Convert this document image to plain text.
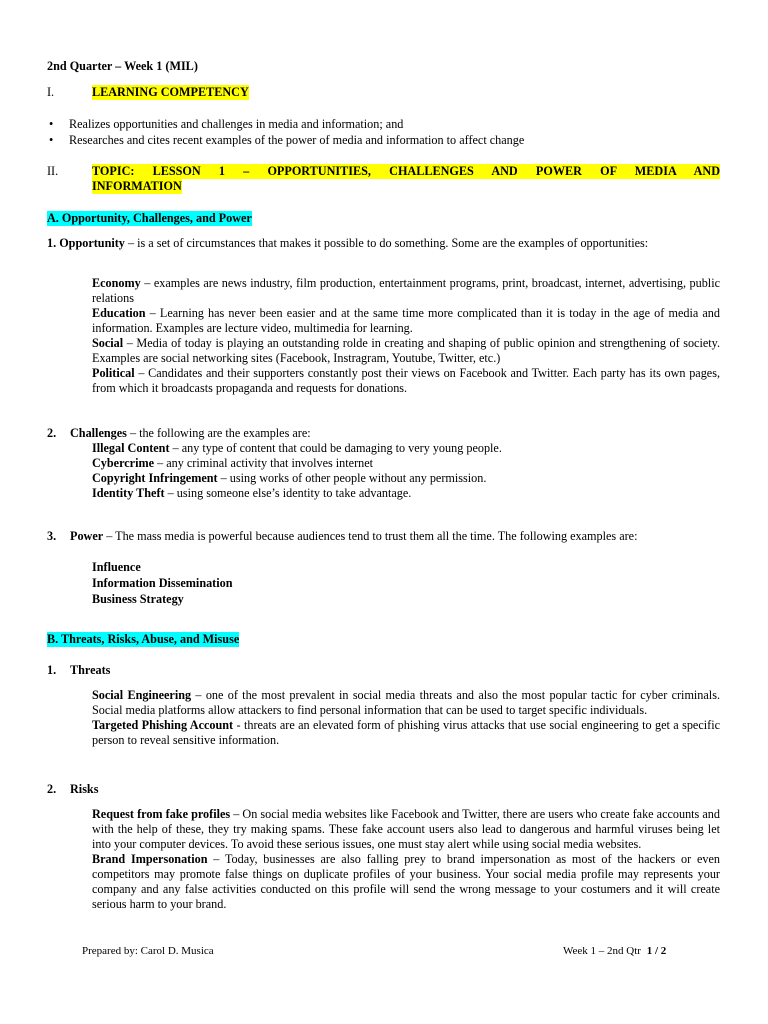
2nd Quarter – Week 1 (MIL)
I.	LEARNING COMPETENCY
• Realizes opportunities and challenges in media and information; and
• Researches and cites recent examples of the power of media and information to affect change
II.	TOPIC: LESSON 1 – OPPORTUNITIES, CHALLENGES AND POWER OF MEDIA AND
INFORMATION
A. Opportunity, Challenges, and Power
1. Opportunity – is a set of circumstances that makes it possible to do something. Some are the examples of opportunities:

Economy – examples are news industry, film production, entertainment programs, print, broadcast, internet, advertising, public relations

Education – Learning has never been easier and at the same time more complicated than it is today in the age of media and information. Examples are lecture video, multimedia for learning.

Social – Media of today is playing an outstanding rolde in creating and shaping of public opinion and strengthening of society. Examples are social networking sites (Facebook, Instragram, Youtube, Twitter, etc.)

Political – Candidates and their supporters constantly post their views on Facebook and Twitter. Each party has its own pages, from which it broadcasts propaganda and requests for donations.

2. Challenges – the following are the examples are:

Illegal Content – any type of content that could be damaging to very young people.

Cybercrime – any criminal activity that involves internet

Copyright Infringement – using works of other people without any permission.

Identity Theft – using someone else’s identity to take advantage.

3. Power – The mass media is powerful because audiences tend to trust them all the time. The following examples are:

Influence

Information Dissemination

Business Strategy

B. Threats, Risks, Abuse, and Misuse
1. Threats

Social Engineering – one of the most prevalent in social media threats and also the most popular tactic for cyber criminals. Social media platforms allow attackers to find personal information that can be used to target specific individuals.

Targeted Phishing Account - threats are an elevated form of phishing virus attacks that use social engineering to get a specific person to reveal sensitive information.

2. Risks

Request from fake profiles – On social media websites like Facebook and Twitter, there are users who create fake accounts and with the help of these, they try making spams. These fake account users also lead to dangerous and harmful viruses being let into your computer devices. To avoid these serious issues, one must stay alert while using social media websites.

Brand Impersonation – Today, businesses are also falling prey to brand impersonation as most of the hackers or even competitors may promote false things on duplicate profiles of your business. Your social media profile may represents your company and any false activities conducted on this profile will send the wrong message to your costumers and it will create serious harm to your brand.

Prepared by: Carol D. Musica	Week 1 – 2nd Qtr 1 / 2
